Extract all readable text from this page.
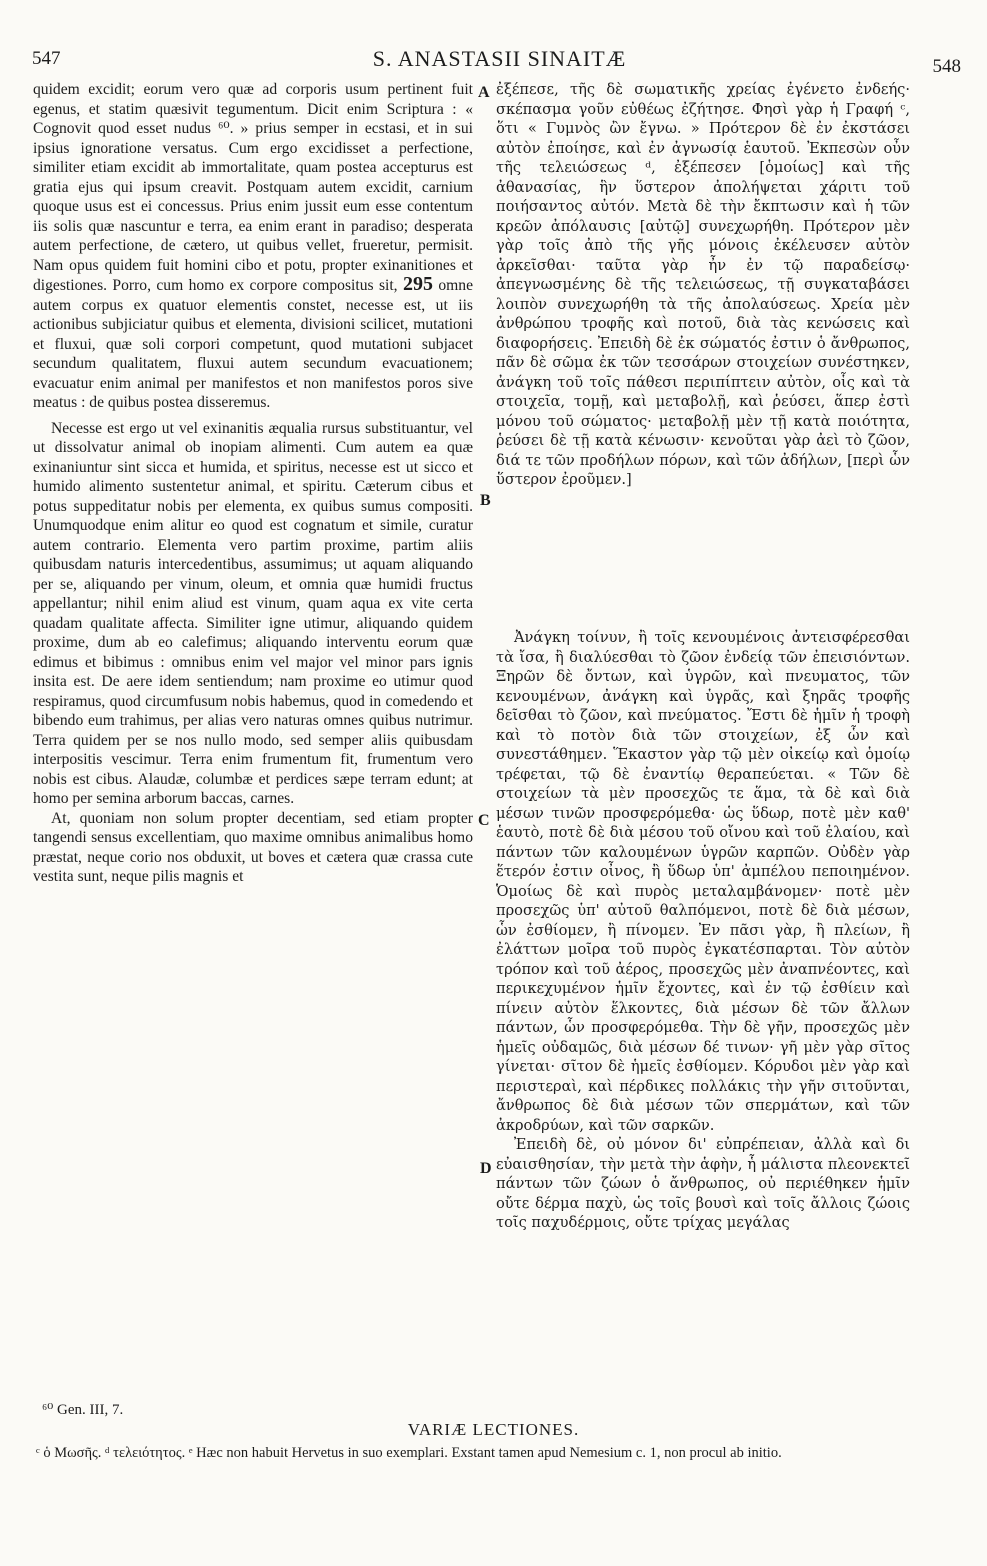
547	S. ANASTASII SINAITÆ	548

quidem excidit; eorum vero quæ ad corporis usum pertinent fuit egenus, et statim quæsivit tegumentum. Dicit enim Scriptura : « Cognovit quod esset nudus ⁶⁰. » prius semper in ecstasi, et in sui ipsius ignoratione versatus. Cum ergo excidisset a perfectione, similiter etiam excidit ab immortalitate, quam postea accepturus est gratia ejus qui ipsum creavit. Postquam autem excidit, carnium quoque usus est ei concessus. Prius enim jussit eum esse contentum iis solis quæ nascuntur e terra, ea enim erant in paradiso; desperata autem perfectione, de cætero, ut quibus vellet, frueretur, permisit. Nam opus quidem fuit homini cibo et potu, propter exinanitiones et digestiones. Porro, cum homo ex corpore compositus sit, 295 omne autem corpus ex quatuor elementis constet, necesse est, ut iis actionibus subjiciatur quibus et elementa, divisioni scilicet, mutationi et fluxui, quæ soli corpori competunt, quod mutationi subjacet secundum qualitatem, fluxui autem secundum evacuationem; evacuatur enim animal per manifestos et non manifestos poros sive meatus : de quibus postea disseremus.

Necesse est ergo ut vel exinanitis æqualia rursus substituantur, vel ut dissolvatur animal ob inopiam alimenti. Cum autem ea quæ exinaniuntur sint sicca et humida, et spiritus, necesse est ut sicco et humido alimento sustentetur animal, et spiritu. Cæterum cibus et potus suppeditatur nobis per elementa, ex quibus sumus compositi. Unumquodque enim alitur eo quod est cognatum et simile, curatur autem contrario. Elementa vero partim proxime, partim aliis quibusdam naturis intercedentibus, assumimus; ut aquam aliquando per se, aliquando per vinum, oleum, et omnia quæ humidi fructus appellantur; nihil enim aliud est vinum, quam aqua ex vite certa quadam qualitate affecta. Similiter igne utimur, aliquando quidem proxime, dum ab eo calefimus; aliquando interventu eorum quæ edimus et bibimus : omnibus enim vel major vel minor pars ignis insita est. De aere idem sentiendum; nam proxime eo utimur quod respiramus, quod circumfusum nobis habemus, quod in comedendo et bibendo eum trahimus, per alias vero naturas omnes quibus nutrimur. Terra quidem per se nos nullo modo, sed semper aliis quibusdam interpositis vescimur. Terra enim frumentum fit, frumentum vero nobis est cibus. Alaudæ, columbæ et perdices sæpe terram edunt; at homo per semina arborum baccas, carnes.

At, quoniam non solum propter decentiam, sed etiam propter tangendi sensus excellentiam, quo maxime omnibus animalibus homo præstat, neque corio nos obduxit, ut boves et cætera quæ crassa cute vestita sunt, neque pilis magnis et

A
B
C
D

ἐξέπεσε, τῆς δὲ σωματικῆς χρείας ἐγένετο ἐνδεής· σκέπασμα γοῦν εὐθέως ἐζήτησε. Φησὶ γὰρ ἡ Γραφή ᶜ, ὅτι « Γυμνὸς ὢν ἔγνω. » Πρότερον δὲ ἐν ἐκστάσει αὐτὸν ἐποίησε, καὶ ἐν ἀγνωσίᾳ ἑαυτοῦ. Ἐκπεσὼν οὖν τῆς τελειώσεως ᵈ, ἐξέπεσεν [ὁμοίως] καὶ τῆς ἀθανασίας, ἣν ὕστερον ἀπολήψεται χάριτι τοῦ ποιήσαντος αὐτόν. Μετὰ δὲ τὴν ἔκπτωσιν καὶ ἡ τῶν κρεῶν ἀπόλαυσις [αὐτῷ] συνεχωρήθη. Πρότερον μὲν γὰρ τοῖς ἀπὸ τῆς γῆς μόνοις ἐκέλευσεν αὐτὸν ἀρκεῖσθαι· ταῦτα γὰρ ἦν ἐν τῷ παραδείσῳ· ἀπεγνωσμένης δὲ τῆς τελειώσεως, τῇ συγκαταβάσει λοιπὸν συνεχωρήθη τὰ τῆς ἀπολαύσεως. Χρεία μὲν ἀνθρώπου τροφῆς καὶ ποτοῦ, διὰ τὰς κενώσεις καὶ διαφορήσεις. Ἐπειδὴ δὲ ἐκ σώματός ἐστιν ὁ ἄνθρωπος, πᾶν δὲ σῶμα ἐκ τῶν τεσσάρων στοιχείων συνέστηκεν, ἀνάγκη τοῦ τοῖς πάθεσι περιπίπτειν αὐτὸν, οἷς καὶ τὰ στοιχεῖα, τομῇ, καὶ μεταβολῇ, καὶ ῥεύσει, ἅπερ ἐστὶ μόνου τοῦ σώματος· μεταβολῇ μὲν τῇ κατὰ ποιότητα, ῥεύσει δὲ τῇ κατὰ κένωσιν· κενοῦται γὰρ ἀεὶ τὸ ζῶον, διά τε τῶν προδήλων πόρων, καὶ τῶν ἀδήλων, [περὶ ὧν ὕστερον ἐροῦμεν.]

Ἀνάγκη τοίνυν, ἢ τοῖς κενουμένοις ἀντεισφέρεσθαι τὰ ἴσα, ἢ διαλύεσθαι τὸ ζῶον ἐνδείᾳ τῶν ἐπεισιόντων. Ξηρῶν δὲ ὄντων, καὶ ὑγρῶν, καὶ πνευματος, τῶν κενουμένων, ἀνάγκη καὶ ὑγρᾶς, καὶ ξηρᾶς τροφῆς δεῖσθαι τὸ ζῶον, καὶ πνεύματος. Ἔστι δὲ ἡμῖν ἡ τροφὴ καὶ τὸ ποτὸν διὰ τῶν στοιχείων, ἐξ ὧν καὶ συνεστάθημεν. Ἕκαστον γὰρ τῷ μὲν οἰκείῳ καὶ ὁμοίῳ τρέφεται, τῷ δὲ ἐναντίῳ θεραπεύεται. « Τῶν δὲ στοιχείων τὰ μὲν προσεχῶς τε ἅμα, τὰ δὲ καὶ διὰ μέσων τινῶν προσφερόμεθα· ὡς ὕδωρ, ποτὲ μὲν καθ' ἑαυτὸ, ποτὲ δὲ διὰ μέσου τοῦ οἴνου καὶ τοῦ ἐλαίου, καὶ πάντων τῶν καλουμένων ὑγρῶν καρπῶν. Οὐδὲν γὰρ ἕτερόν ἐστιν οἶνος, ἢ ὕδωρ ὑπ' ἀμπέλου πεποιημένον. Ὁμοίως δὲ καὶ πυρὸς μεταλαμβάνομεν· ποτὲ μὲν προσεχῶς ὑπ' αὐτοῦ θαλπόμενοι, ποτὲ δὲ διὰ μέσων, ὧν ἐσθίομεν, ἢ πίνομεν. Ἐν πᾶσι γὰρ, ἢ πλείων, ἢ ἐλάττων μοῖρα τοῦ πυρὸς ἐγκατέσπαρται. Τὸν αὐτὸν τρόπον καὶ τοῦ ἀέρος, προσεχῶς μὲν ἀναπνέοντες, καὶ περικεχυμένον ἡμῖν ἔχοντες, καὶ ἐν τῷ ἐσθίειν καὶ πίνειν αὐτὸν ἕλκοντες, διὰ μέσων δὲ τῶν ἄλλων πάντων, ὧν προσφερόμεθα. Τὴν δὲ γῆν, προσεχῶς μὲν ἡμεῖς οὐδαμῶς, διὰ μέσων δέ τινων· γῆ μὲν γὰρ σῖτος γίνεται· σῖτον δὲ ἡμεῖς ἐσθίομεν. Κόρυδοι μὲν γὰρ καὶ περιστεραὶ, καὶ πέρδικες πολλάκις τὴν γῆν σιτοῦνται, ἄνθρωπος δὲ διὰ μέσων τῶν σπερμάτων, καὶ τῶν ἀκροδρύων, καὶ τῶν σαρκῶν.

Ἐπειδὴ δὲ, οὐ μόνον δι' εὐπρέπειαν, ἀλλὰ καὶ δι εὐαισθησίαν, τὴν μετὰ τὴν ἁφὴν, ἧ μάλιστα πλεονεκτεῖ πάντων τῶν ζώων ὁ ἄνθρωπος, οὐ περιέθηκεν ἡμῖν οὔτε δέρμα παχὺ, ὡς τοῖς βουσὶ καὶ τοῖς ἄλλοις ζώοις τοῖς παχυδέρμοις, οὔτε τρίχας μεγάλας

⁶⁰ Gen. III, 7.
VARIÆ LECTIONES.
ᶜ ὁ Μωσῆς. ᵈ τελειότητος. ᵉ Hæc non habuit Hervetus in suo exemplari. Exstant tamen apud Nemesium c. 1, non procul ab initio.
